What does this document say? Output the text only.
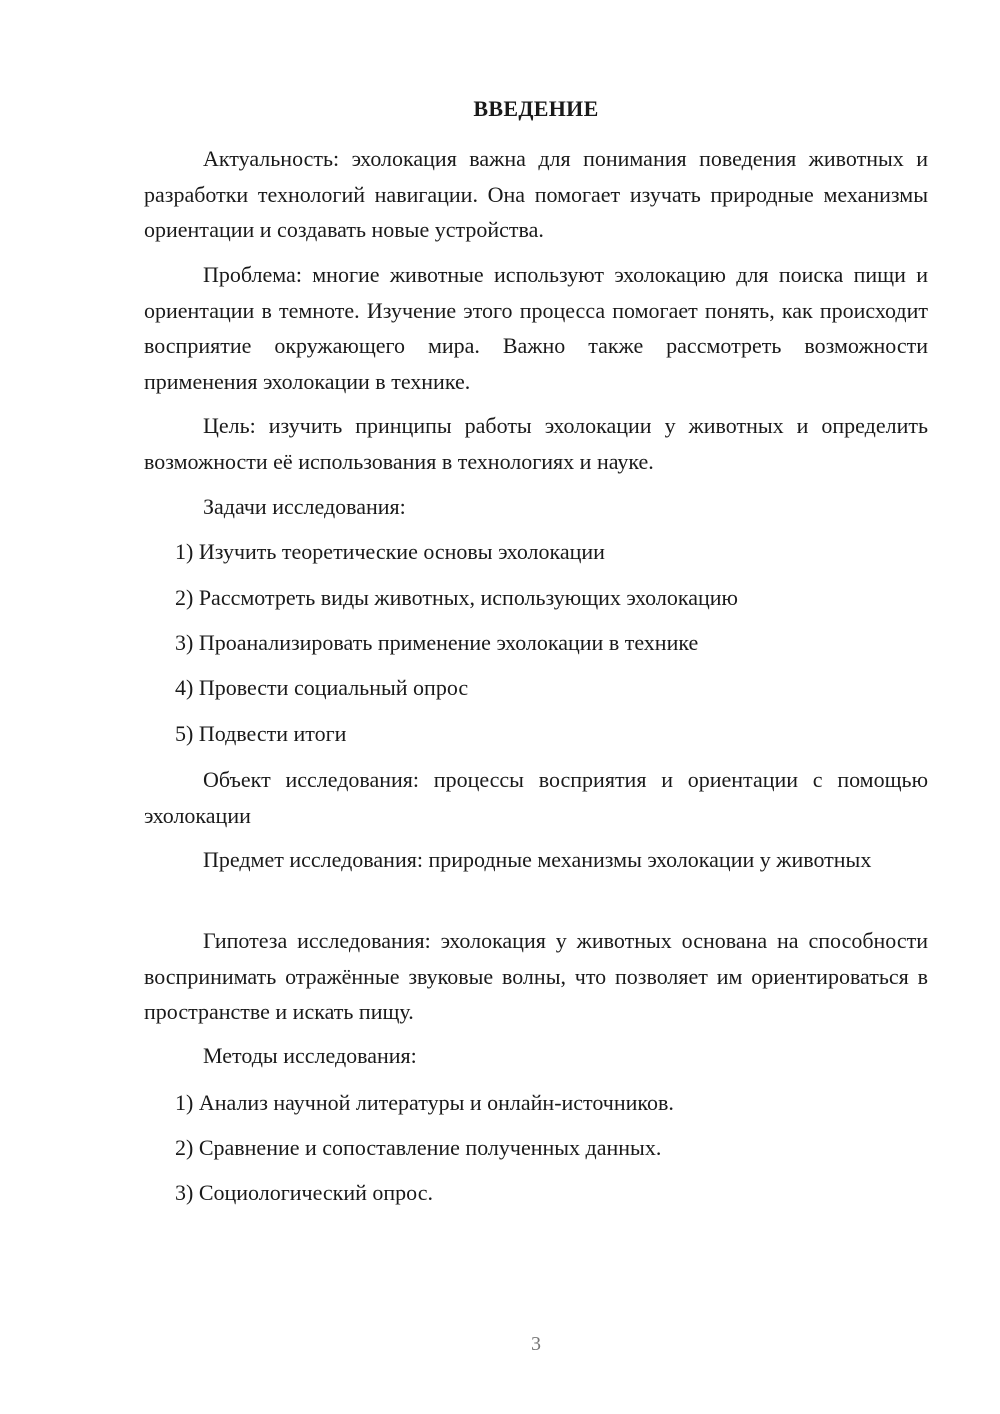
ВВЕДЕНИЕ

Актуальность: эхолокация важна для понимания поведения животных и разработки технологий навигации. Она помогает изучать природные механизмы ориентации и создавать новые устройства.

Проблема: многие животные используют эхолокацию для поиска пищи и ориентации в темноте. Изучение этого процесса помогает понять, как происходит восприятие окружающего мира. Важно также рассмотреть возможности применения эхолокации в технике.

Цель: изучить принципы работы эхолокации у животных и определить возможности её использования в технологиях и науке.

Задачи исследования:

1) Изучить теоретические основы эхолокации

2) Рассмотреть виды животных, использующих эхолокацию

3) Проанализировать применение эхолокации в технике

4) Провести социальный опрос

5) Подвести итоги

Объект исследования: процессы восприятия и ориентации с помощью эхолокации

Предмет исследования: природные механизмы эхолокации у животных

Гипотеза исследования: эхолокация у животных основана на способности воспринимать отражённые звуковые волны, что позволяет им ориентироваться в пространстве и искать пищу.

Методы исследования:

1) Анализ научной литературы и онлайн-источников.

2) Сравнение и сопоставление полученных данных.

3) Социологический опрос.

3
